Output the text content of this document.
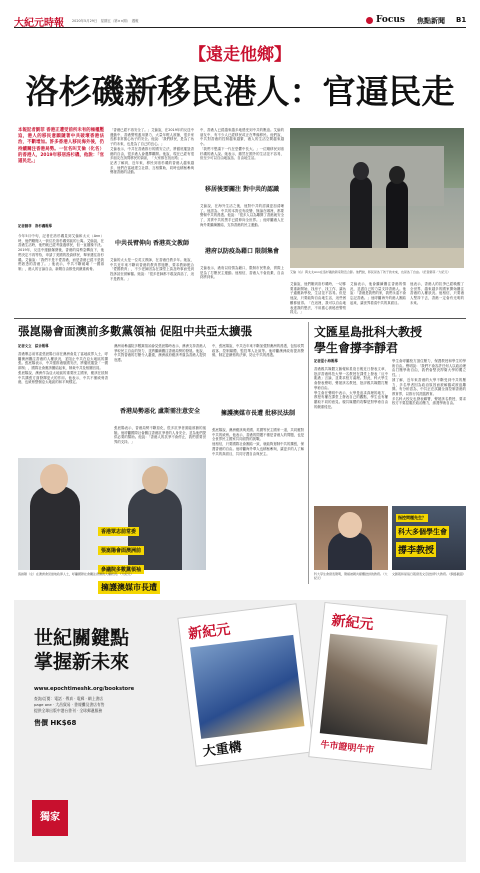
大紀元時報 2020年5月29日　星期五（第××期）　週報	Focus 焦點新聞 B1
【遠走他鄉】
洛杉磯新移民港人：官逼民走
本報記者劉菲 香港正遭受前所未有的極權壓迫，港人的移民意願隨著中共破壞香港法治，不斷增加。許多香港人移民海外後，仍持續關注香港局勢。一位名叫艾倫（化名）的香港人，2019年移居洛杉磯，他說：「官逼民走。」
記者劉菲　洛杉磯報導
今年5月中旬，記者在洛杉磯見到艾倫和太太（Ann）時，他們剛搬入一套位於洛杉磯郊區的公寓。艾倫說，在香港生活時，他們就已經考慮過移民，但一直猶豫不決。2019年，反送中運動爆發後，香港的局勢急轉直下，他們決定不再等待，申請了美國的投資移民，舉家遷往洛杉磯。艾倫說：「我們不是不愛香港，而是香港已經不是我們熟悉的香港了。」他表示，中共不斷破壞「一國兩制」，港人的言論自由、新聞自由都受到嚴重威脅。
「香港已經不再安全了。」艾倫說，在2019年的反送中運動中，香港警察濫用暴力，大量年輕人被捕，很多家長都非常擔心孩子的安全。他說：「我們移民，是為了孩子的未來，也是為了自己的良心。」
艾倫表示，中共在香港推行的國安立法，將徹底摧毀香港的自由，很多港人會選擇離開。他說，現在已經有很多朋友在詢問移民的資訊，「大家都在找出路」。
記者了解到，近年來，移民到洛杉磯的香港人越來越多，他們在當地建立社群，互相幫助，同時也積極參與聲援香港的活動。
中共長臂伸向 香港英文教師
艾倫的太太是一位英文教師，在香港任教多年。她說，中共近年來不斷向香港的教育界施壓，要求教師配合「愛國教育」，不少老師因為在課堂上談及時事而受到投訴甚至被解僱。她說：「很多老師都不敢說真話了，這不是教育。」
中，香港人已經越來越多地感受到中共的壓迫。艾倫的朋友中，有不少人已經移民或正在準備移民。他們說，中共對香港的控制越來越緊，港人的生活空間越來越小。
「我們不想讓下一代在恐懼中長大。」一位剛移民到洛杉磯的港人說。她表示，雖然在國外的生活並不容易，但至少可以自由地說話、自由地生活。
移居後要關注 對中共的認識
艾倫說，在海外生活之後，他對中共的認識更加清晰了。他認為，中共的本質沒有改變，無論在哪裡，都要警惕中共的滲透。他說：「很多人以為離開了香港就安全了，其實中共的黑手已經伸向全世界。」他呼籲港人在海外要繼續團結，支持香港的民主運動。
港府以防疫為藉口 限制集會
艾倫表示，港府以疫情為藉口，限制市民集會，實際上是為了打壓民主運動。他相信，香港人不會放棄，自由終將到來。
艾倫（右）與太太Ann在洛杉磯的新家附近合影。他們說，移民是為了孩子的未來，也是為了自由。（記者劉菲／大紀元）
艾倫說，他們剛到洛杉磯時，一切都要重新開始，找房子、找工作、讓孩子適應新學校，生活並不容易。但是他說，只要能夠自由地生活，這些困難都值得。「在這裡，我可以自由地表達我的想法，不用擔心被秘密警察抓走。」
艾倫表示，他會繼續關注香港的情況，並盡自己的力量支持香港人。他說：「香港是我們的家，我們永遠不會忘記香港。」他呼籲海外的港人團結起來，讓世界看清中共的真面目。
他表示，香港人的抗爭已經喚醒了全世界，越來越多的國家開始關注香港的人權狀況。他相信，只要港人堅持下去，香港一定會有光明的未來。
張崑陽會面澳前多數黨領袖 促阻中共亞太擴張
記者文立　綜合報導
香港眾志前常委張崑陽日前在澳洲會見了當地政界人士，呼籲澳洲關注香港的人權狀況，並阻止中共在亞太地區的擴張。張崑陽表示，中共強推港版國安法，將徹底摧毀「一國兩制」，國際社會應該團結起來，制裁中共及相關官員。
張崑陽說，澳洲作為亞太地區的重要民主國家，應該在抵制中共擴張方面發揮更大的作用。他表示，中共不僅威脅香港，也威脅整個亞太地區的和平與穩定。
澳洲前參議院多數黨領袖會見張崑陽時表示，澳洲支持香港人爭取民主自由的努力，並將繼續關注香港局勢的發展。他說，中共對香港的打壓令人憂慮，澳洲政府應該考慮為香港人提供庇護。
香港局勢惡化 盧斯需注意安全
張崑陽表示，香港局勢不斷惡化，很多抗爭者面臨被捕的風險。他呼籲國際社會關注香港抗爭者的人身安全，並為他們提供必要的幫助。他說：「香港人的抗爭不會停止，我們需要世界的支持。」
中，張崑陽說，中共近年來不斷加強對澳洲的滲透，包括收買政客、控制媒體、監控華人社區等。他呼籲澳洲政府提高警惕，制定更嚴格的法律，防止中共的滲透。
擁護澳媒市長遭 批移民法制
張崑陽說，澳洲應該與美國、英國等民主國家一道，共同應對中共的威脅。他表示，香港的問題不僅是香港人的問題，也是全世界民主國家共同面對的挑戰。
他相信，只要國際社會團結一致，就能夠遏制中共的擴張，保護香港的自由。他呼籲海外華人也積極參與，讓更多的人了解中共的真面目，共同守護自由與民主。
香港眾志前常委
張崑陽會面澳洲前
參議院多數黨領袖
擁護澳媒市長遭
張崑陽（左）在澳洲會見當地政界人士，呼籲國際社會關注香港的人權狀況。（大紀元）
文匯星島批科大教授
學生會撐李靜君
記者夏小海報導
香港親共媒體文匯報和星島日報近日發表文章，批評香港科技大學一名教授在課堂上發表「反中亂港」言論，並要求校方處理。對此，科大學生會發表聲明，聲援該名教授，批評親共媒體打壓學術自由。
學生會在聲明中表示，大學是追求真理的地方，教授有權在課堂上發表自己的觀點，學生也有權聽取不同的意見。親共媒體的攻擊是對學術自由的嚴重侵犯。
學生會呼籲校方頂住壓力，保護教授和學生的學術自由。聲明說：「我們不會容許任何人以政治理由打壓學術自由，我們會堅決捍衛大學的獨立性。」
據了解，近年來香港的大學不斷受到中共的壓力，多名學者因為政治原因而被解僱或被迫離開。有分析認為，中共正在試圖全面控制香港的教育界，以推行其洗腦教育。
多名科大校友也發表聯署，聲援該名教授，要求校方不要屈服於政治壓力，維護學術自由。
指控問題先生？
科大多個學生會
撐李教授
科大學生會發表聲明，聲援被親共媒體批評的教授。（大紀元）
文匯報和星島日報發表文章批評科大教授。（網絡截圖）
世紀關鍵點
掌握新未來
www.epochtimeshk.org/bookstore
查詢/訂閱：電話 · 傳真 · 電郵 · 網上書店
page one · 大昌貿易 · 書報攤及書店有售
提供全球出版中港台書刊 · 全球郵遞服務
售價 HK$68
獨家
新紀元
大重構
新紀元
牛市證明牛市
